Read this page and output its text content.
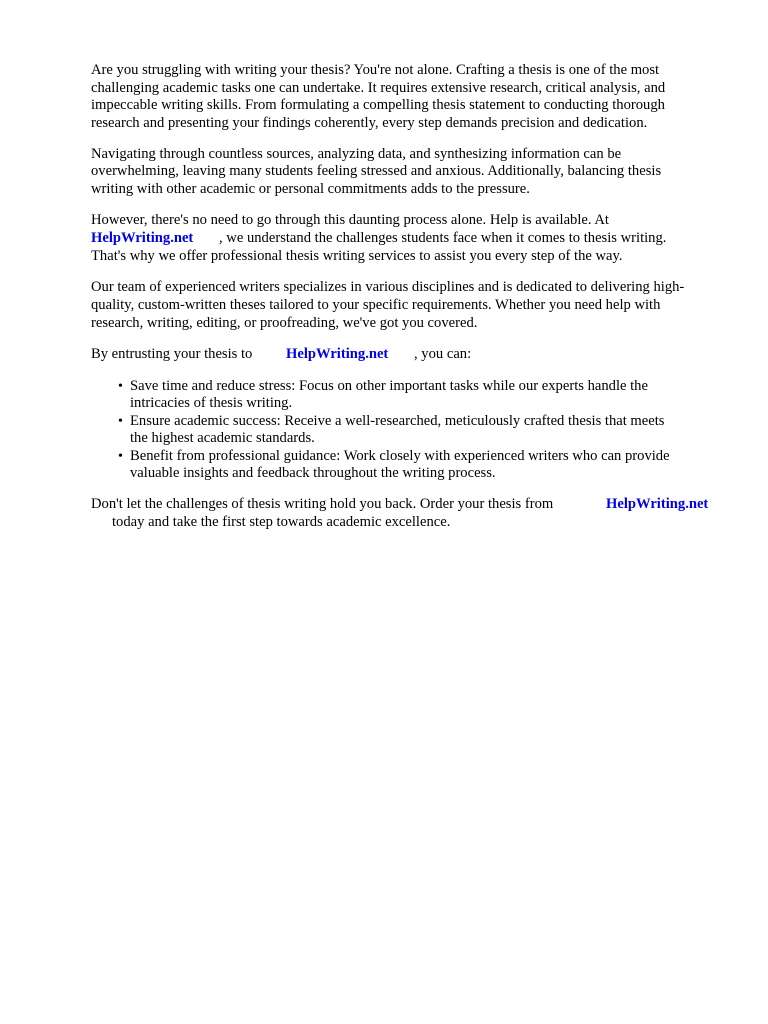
Are you struggling with writing your thesis? You're not alone. Crafting a thesis is one of the most
challenging academic tasks one can undertake. It requires extensive research, critical analysis, and
impeccable writing skills. From formulating a compelling thesis statement to conducting thorough
research and presenting your findings coherently, every step demands precision and dedication.
Navigating through countless sources, analyzing data, and synthesizing information can be
overwhelming, leaving many students feeling stressed and anxious. Additionally, balancing thesis
writing with other academic or personal commitments adds to the pressure.
However, there's no need to go through this daunting process alone. Help is available. At
HelpWriting.net , we understand the challenges students face when it comes to thesis writing.
That's why we offer professional thesis writing services to assist you every step of the way.
Our team of experienced writers specializes in various disciplines and is dedicated to delivering high-
quality, custom-written theses tailored to your specific requirements. Whether you need help with
research, writing, editing, or proofreading, we've got you covered.
By entrusting your thesis to HelpWriting.net , you can:
• Save time and reduce stress: Focus on other important tasks while our experts handle the
intricacies of thesis writing.
• Ensure academic success: Receive a well-researched, meticulously crafted thesis that meets
the highest academic standards.
• Benefit from professional guidance: Work closely with experienced writers who can provide
valuable insights and feedback throughout the writing process.
Don't let the challenges of thesis writing hold you back. Order your thesis from	HelpWriting.net
today and take the first step towards academic excellence.
